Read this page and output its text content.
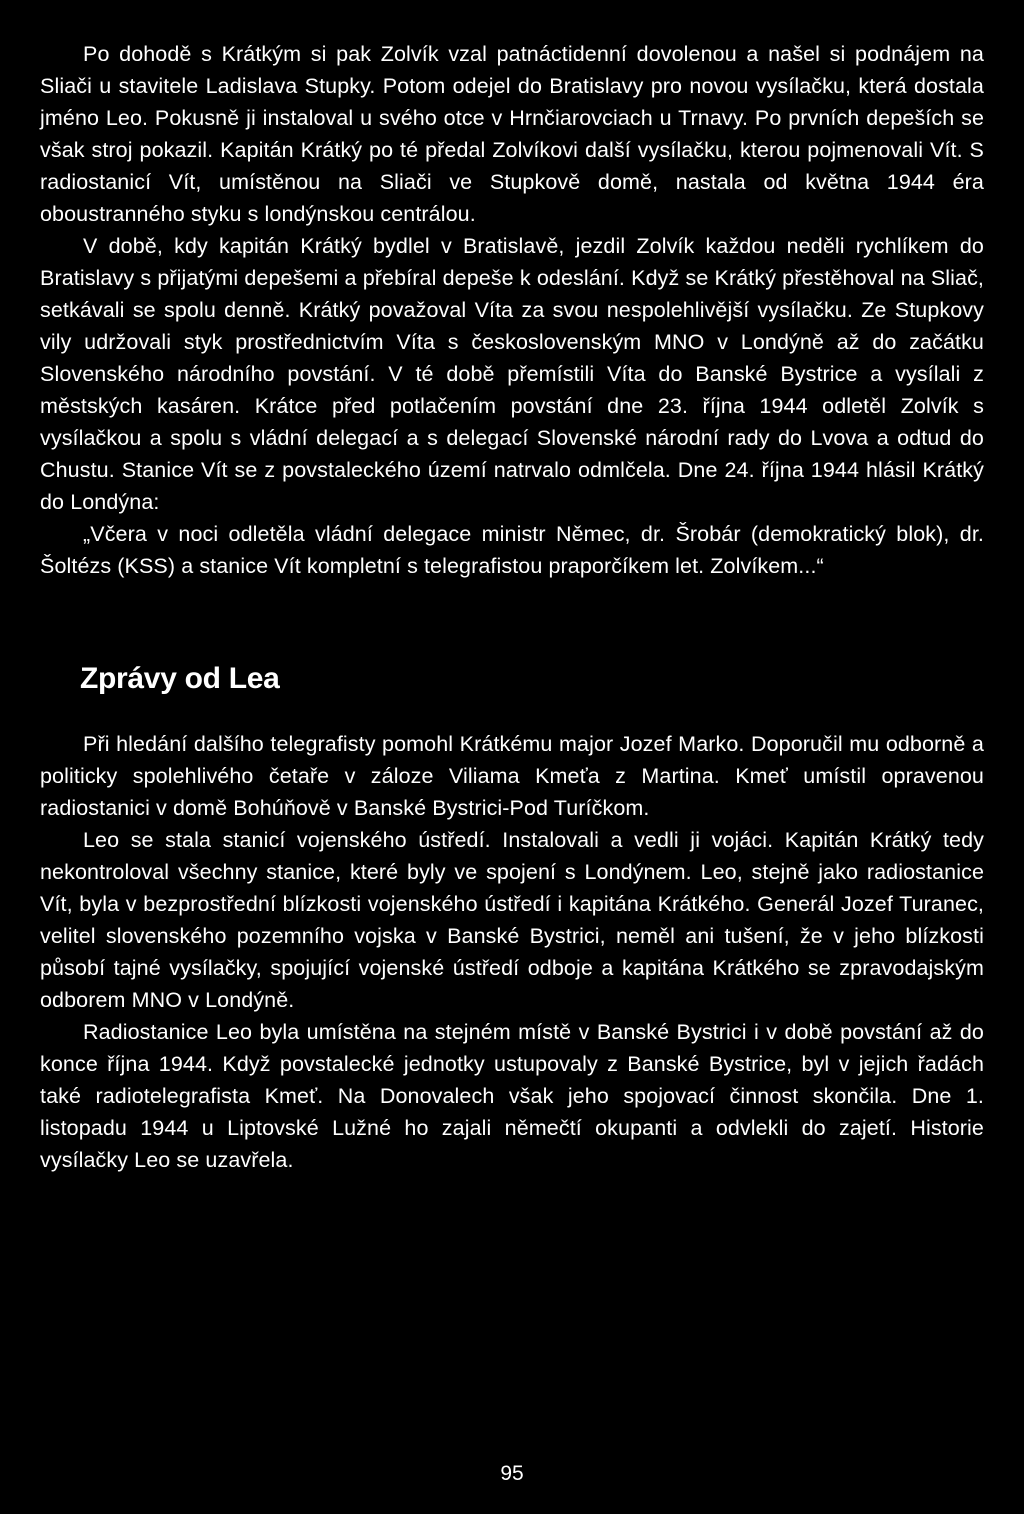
Po dohodě s Krátkým si pak Zolvík vzal patnáctidenní dovolenou a našel si podnájem na Sliači u stavitele Ladislava Stupky. Potom odejel do Bratislavy pro novou vysílačku, která dostala jméno Leo. Pokusně ji instaloval u svého otce v Hrnčiarovciach u Trnavy. Po prvních depeších se však stroj pokazil. Kapitán Krátký po té předal Zolvíkovi další vysílačku, kterou pojmenovali Vít. S radiostanicí Vít, umístěnou na Sliači ve Stupkově domě, nastala od května 1944 éra oboustranného styku s londýnskou centrálou.

V době, kdy kapitán Krátký bydlel v Bratislavě, jezdil Zolvík každou neděli rychlíkem do Bratislavy s přijatými depešemi a přebíral depeše k odeslání. Když se Krátký přestěhoval na Sliač, setkávali se spolu denně. Krátký považoval Víta za svou nespolehlivější vysílačku. Ze Stupkovy vily udržovali styk prostřednictvím Víta s československým MNO v Londýně až do začátku Slovenského národního povstání. V té době přemístili Víta do Banské Bystrice a vysílali z městských kasáren. Krátce před potlačením povstání dne 23. října 1944 odletěl Zolvík s vysílačkou a spolu s vládní delegací a s delegací Slovenské národní rady do Lvova a odtud do Chustu. Stanice Vít se z povstaleckého území natrvalo odmlčela. Dne 24. října 1944 hlásil Krátký do Londýna:

„Včera v noci odletěla vládní delegace ministr Němec, dr. Šrobár (demokratický blok), dr. Šoltézs (KSS) a stanice Vít kompletní s telegrafistou praporčíkem let. Zolvíkem...“

Zprávy od Lea

Při hledání dalšího telegrafisty pomohl Krátkému major Jozef Marko. Doporučil mu odborně a politicky spolehlivého četaře v záloze Viliama Kmeťa z Martina. Kmeť umístil opravenou radiostanici v domě Bohúňově v Banské Bystrici-Pod Turíčkom.

Leo se stala stanicí vojenského ústředí. Instalovali a vedli ji vojáci. Kapitán Krátký tedy nekontroloval všechny stanice, které byly ve spojení s Londýnem. Leo, stejně jako radiostanice Vít, byla v bezprostřední blízkosti vojenského ústředí i kapitána Krátkého. Generál Jozef Turanec, velitel slovenského pozemního vojska v Banské Bystrici, neměl ani tušení, že v jeho blízkosti působí tajné vysílačky, spojující vojenské ústředí odboje a kapitána Krátkého se zpravodajským odborem MNO v Londýně.

Radiostanice Leo byla umístěna na stejném místě v Banské Bystrici i v době povstání až do konce října 1944. Když povstalecké jednotky ustupovaly z Banské Bystrice, byl v jejich řadách také radiotelegrafista Kmeť. Na Donovalech však jeho spojovací činnost skončila. Dne 1. listopadu 1944 u Liptovské Lužné ho zajali němečtí okupanti a odvlekli do zajetí. Historie vysílačky Leo se uzavřela.

95
